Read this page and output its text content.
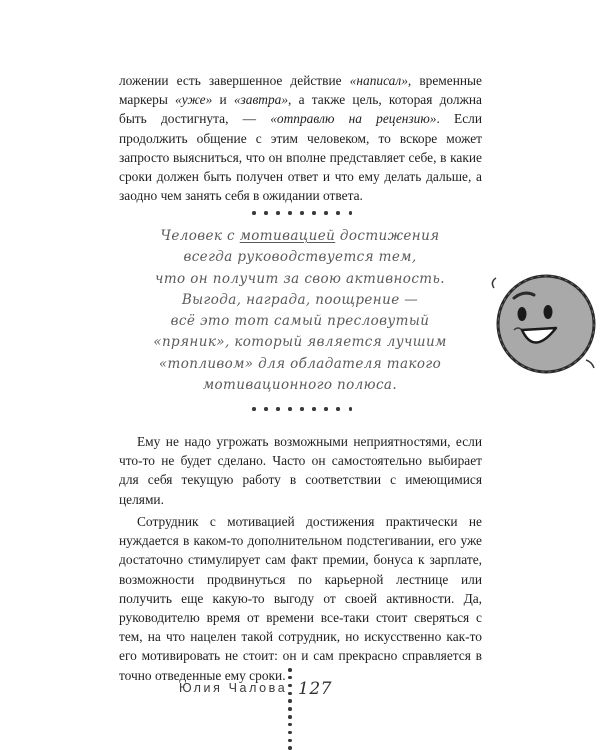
ложении есть завершенное действие «написал», временные маркеры «уже» и «завтра», а также цель, которая должна быть достигнута, — «отправлю на рецензию». Если продолжить общение с этим человеком, то вскоре может запросто выясниться, что он вполне представляет себе, в какие сроки должен быть получен ответ и что ему делать дальше, а заодно чем занять себя в ожидании ответа.

Человек с мотивацией достижения
всегда руководствуется тем,
что он получит за свою активность.
Выгода, награда, поощрение —
всё это тот самый пресловутый
«пряник», который является лучшим
«топливом» для обладателя такого
мотивационного полюса.

Ему не надо угрожать возможными неприятностями, если что-то не будет сделано. Часто он самостоятельно выбирает для себя текущую работу в соответствии с имеющимися целями.

Сотрудник с мотивацией достижения практически не нуждается в каком-то дополнительном подстегивании, его уже достаточно стимулирует сам факт премии, бонуса к зарплате, возможности продвинуться по карьерной лестнице или получить еще какую-то выгоду от своей активности. Да, руководителю время от времени все-таки стоит сверяться с тем, на что нацелен такой сотрудник, но искусственно как-то его мотивировать не стоит: он и сам прекрасно справляется в точно отведенные ему сроки.

Юлия Чалова 127
